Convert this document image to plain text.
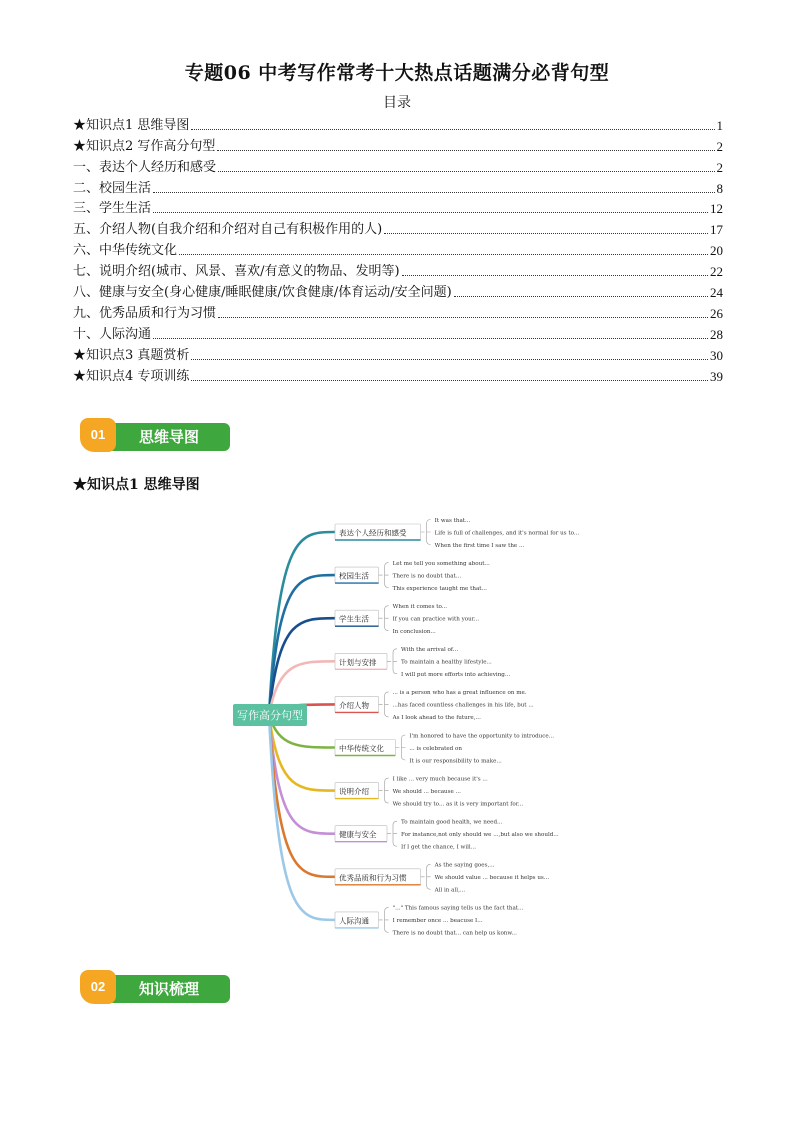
专题06 中考写作常考十大热点话题满分必背句型
目录
★知识点1 思维导图	1
★知识点2 写作高分句型	2
一、表达个人经历和感受	2
二、校园生活	8
三、学生生活	12
五、介绍人物(自我介绍和介绍对自己有积极作用的人)	17
六、中华传统文化	20
七、说明介绍(城市、风景、喜欢/有意义的物品、发明等)	22
八、健康与安全(身心健康/睡眠健康/饮食健康/体育运动/安全问题)	24
九、优秀品质和行为习惯	26
十、人际沟通	28
★知识点3 真题赏析	30
★知识点4 专项训练	39
思维导图
01
★知识点1 思维导图
表达个人经历和感受
It was that...
Life is full of challenges, and it's normal for us to...
When the first time I saw the ...
校园生活
Let me tell you something about...
There is no doubt that...
This experience taught me that...
学生生活
When it comes to...
If you can practice with your...
In conclusion...
计划与安排
With the arrival of...
To maintain a healthy lifestyle...
I will put more efforts into achieving...
介绍人物
... is a person who has a great influence on me.
...has faced countless challenges in his life, but ...
As I look ahead to the future,...
中华传统文化
I'm honored to have the opportunity to introduce...
... is celebrated on
It is our responsibility to make...
说明介绍
I like ... very much because it's ...
We should ... because ...
We should try to... as it is very important for...
健康与安全
To maintain good health, we need...
For instance,not only should we ...,but also we should...
If I get the chance, I will...
优秀品质和行为习惯
As the saying goes,...
We should value ... because it helps us...
All in all,...
人际沟通
"..." This famous saying tells us the fact that...
I remember once ... beacuse I...
There is no doubt that... can help us konw...
写作高分句型
知识梳理
02
